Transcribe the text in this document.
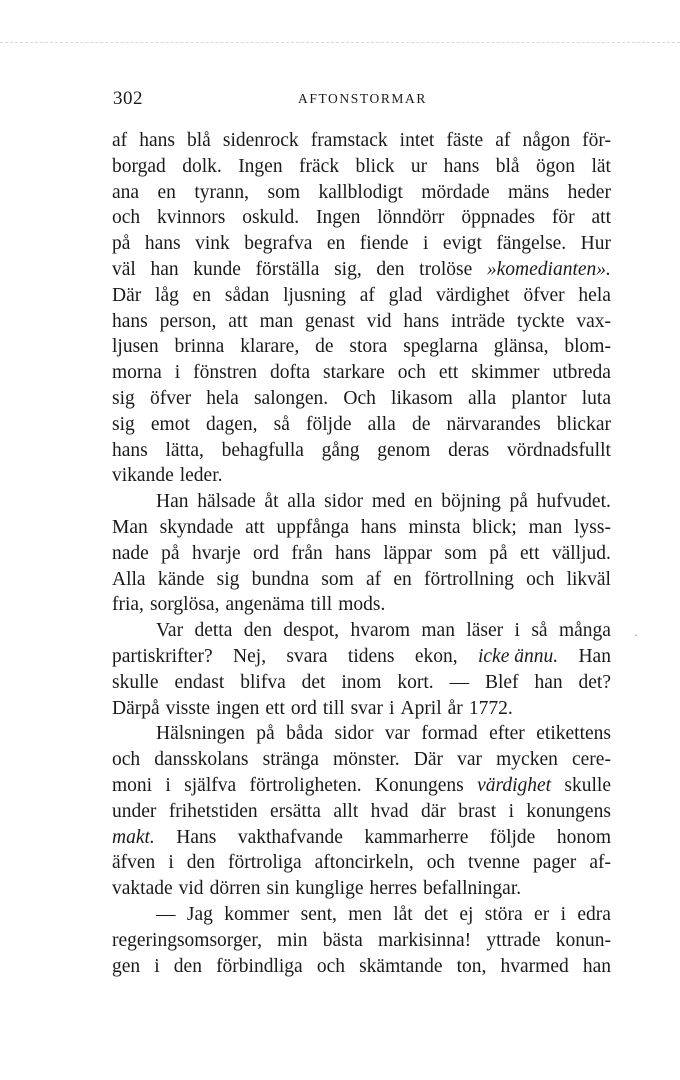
302	AFTONSTORMAR
af hans blå sidenrock framstack intet fäste af någon för-
borgad dolk. Ingen fräck blick ur hans blå ögon lät
ana en tyrann, som kallblodigt mördade mäns heder
och kvinnors oskuld. Ingen lönndörr öppnades för att
på hans vink begrafva en fiende i evigt fängelse. Hur
väl han kunde förställa sig, den trolöse »komedianten».
Där låg en sådan ljusning af glad värdighet öfver hela
hans person, att man genast vid hans inträde tyckte vax-
ljusen brinna klarare, de stora speglarna glänsa, blom-
morna i fönstren dofta starkare och ett skimmer utbreda
sig öfver hela salongen. Och likasom alla plantor luta
sig emot dagen, så följde alla de närvarandes blickar
hans lätta, behagfulla gång genom deras vördnadsfullt
vikande leder.
Han hälsade åt alla sidor med en böjning på hufvudet.
Man skyndade att uppfånga hans minsta blick; man lyss-
nade på hvarje ord från hans läppar som på ett välljud.
Alla kände sig bundna som af en förtrollning och likväl
fria, sorglösa, angenäma till mods.
Var detta den despot, hvarom man läser i så många
partiskrifter? Nej, svara tidens ekon, icke ännu. Han
skulle endast blifva det inom kort. — Blef han det?
Därpå visste ingen ett ord till svar i April år 1772.
Hälsningen på båda sidor var formad efter etikettens
och dansskolans stränga mönster. Där var mycken cere-
moni i själfva förtroligheten. Konungens värdighet skulle
under frihetstiden ersätta allt hvad där brast i konungens
makt. Hans vakthafvande kammarherre följde honom
äfven i den förtroliga aftoncirkeln, och tvenne pager af-
vaktade vid dörren sin kunglige herres befallningar.
— Jag kommer sent, men låt det ej störa er i edra
regeringsomsorger, min bästa markisinna! yttrade konun-
gen i den förbindliga och skämtande ton, hvarmed han
·
